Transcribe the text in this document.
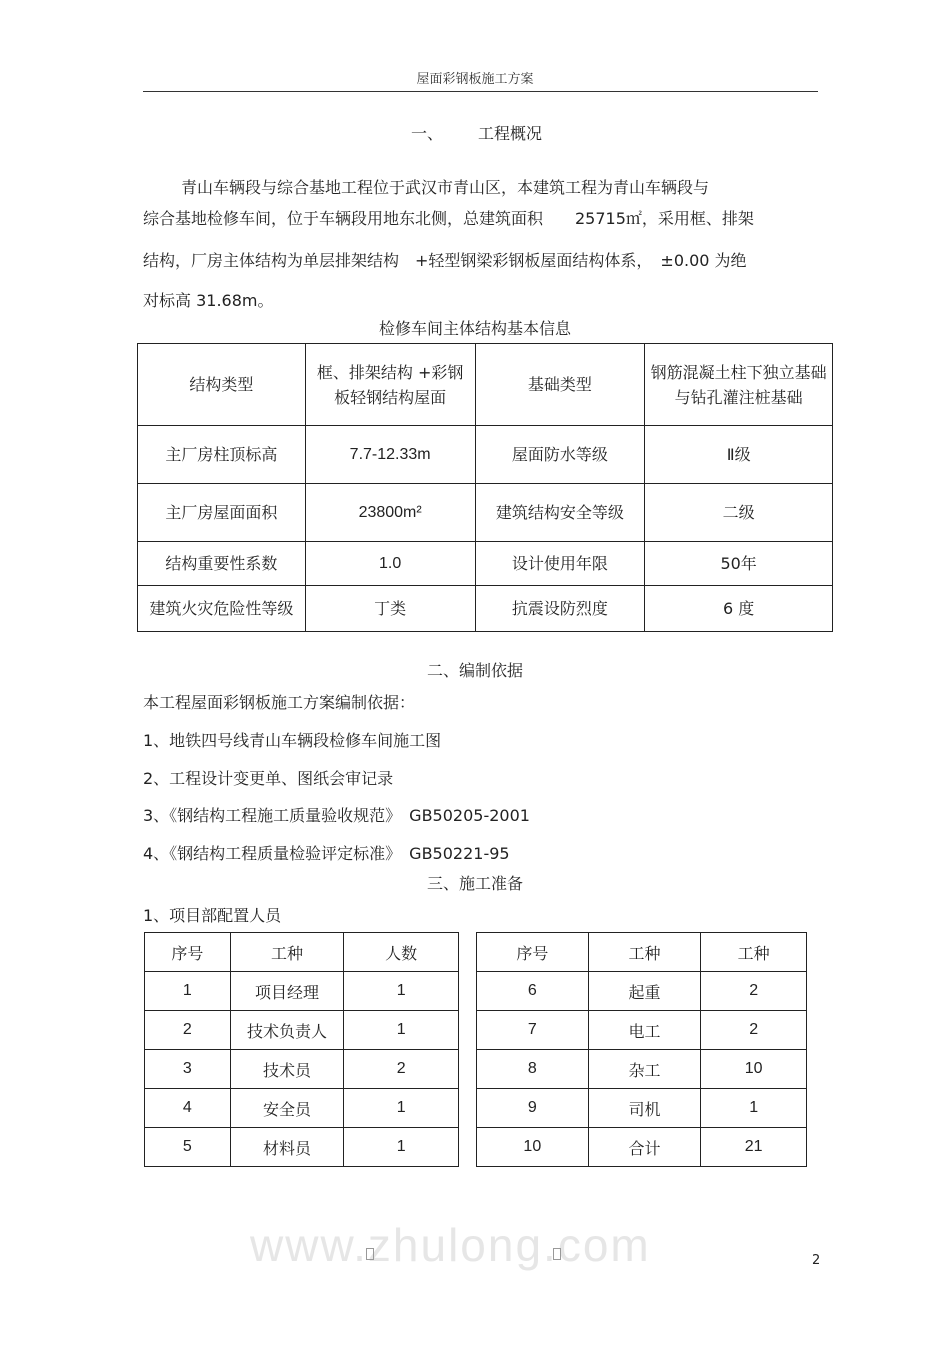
屋面彩钢板施工方案
一、 工程概况
青山车辆段与综合基地工程位于武汉市青山区，本建筑工程为青山车辆段与
综合基地检修车间，位于车辆段用地东北侧，总建筑面积　　25715㎡，采用框、排架
结构，厂房主体结构为单层排架结构　+轻型钢梁彩钢板屋面结构体系，　±0.00 为绝
对标高 31.68m。
检修车间主体结构基本信息
结构类型	框、排架结构 +彩钢板轻钢结构屋面	基础类型	钢筋混凝土柱下独立基础与钻孔灌注桩基础
主厂房柱顶标高	7.7-12.33m	屋面防水等级	Ⅱ级
主厂房屋面面积	23800m²	建筑结构安全等级	二级
结构重要性系数	1.0	设计使用年限	50年
建筑火灾危险性等级	丁类	抗震设防烈度	6 度
二、编制依据
本工程屋面彩钢板施工方案编制依据：
1、地铁四号线青山车辆段检修车间施工图
2、工程设计变更单、图纸会审记录
3、《钢结构工程施工质量验收规范》　GB50205-2001
4、《钢结构工程质量检验评定标准》　GB50221-95
三、施工准备
1、项目部配置人员
序号	工种	人数
1	项目经理	1
2	技术负责人	1
3	技术员	2
4	安全员	1
5	材料员	1
序号	工种	工种
6	起重	2
7	电工	2
8	杂工	10
9	司机	1
10	合计	21
www.zhulong.com	2
